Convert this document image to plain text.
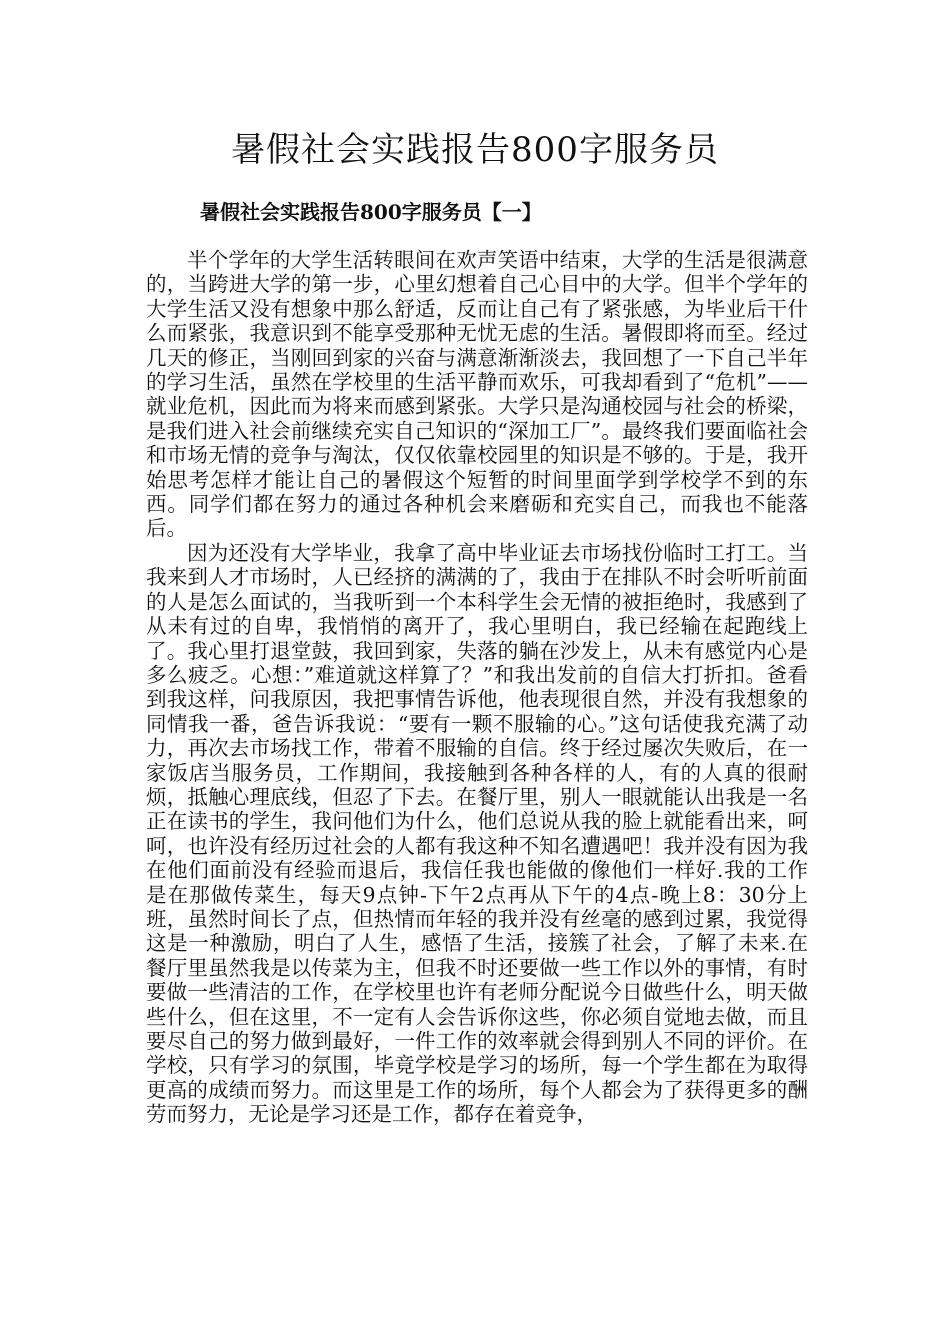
暑假社会实践报告800字服务员
暑假社会实践报告800字服务员【一】

半个学年的大学生活转眼间在欢声笑语中结束，大学的生活是很满意的，当跨进大学的第一步，心里幻想着自己心目中的大学。但半个学年的大学生活又没有想象中那么舒适，反而让自己有了紧张感，为毕业后干什么而紧张，我意识到不能享受那种无忧无虑的生活。暑假即将而至。经过几天的修正，当刚回到家的兴奋与满意渐渐淡去，我回想了一下自己半年的学习生活，虽然在学校里的生活平静而欢乐，可我却看到了“危机”——就业危机，因此而为将来而感到紧张。大学只是沟通校园与社会的桥梁，是我们进入社会前继续充实自己知识的“深加工厂”。最终我们要面临社会和市场无情的竞争与淘汰，仅仅依靠校园里的知识是不够的。于是，我开始思考怎样才能让自己的暑假这个短暂的时间里面学到学校学不到的东西。同学们都在努力的通过各种机会来磨砺和充实自己，而我也不能落后。

因为还没有大学毕业，我拿了高中毕业证去市场找份临时工打工。当我来到人才市场时，人已经挤的满满的了，我由于在排队不时会听听前面的人是怎么面试的，当我听到一个本科学生会无情的被拒绝时，我感到了从未有过的自卑，我悄悄的离开了，我心里明白，我已经输在起跑线上了。我心里打退堂鼓，我回到家，失落的躺在沙发上，从未有感觉内心是多么疲乏。心想：”难道就这样算了？”和我出发前的自信大打折扣。爸看到我这样，问我原因，我把事情告诉他，他表现很自然，并没有我想象的同情我一番，爸告诉我说：“要有一颗不服输的心。”这句话使我充满了动力，再次去市场找工作，带着不服输的自信。终于经过屡次失败后，在一家饭店当服务员，工作期间，我接触到各种各样的人，有的人真的很耐烦，抵触心理底线，但忍了下去。在餐厅里，别人一眼就能认出我是一名正在读书的学生，我问他们为什么，他们总说从我的脸上就能看出来，呵呵，也许没有经历过社会的人都有我这种不知名遭遇吧！我并没有因为我在他们面前没有经验而退后，我信任我也能做的像他们一样好.我的工作是在那做传菜生，每天9点钟-下午2点再从下午的4点-晚上8：30分上班，虽然时间长了点，但热情而年轻的我并没有丝毫的感到过累，我觉得这是一种激励，明白了人生，感悟了生活，接簇了社会，了解了未来.在餐厅里虽然我是以传菜为主，但我不时还要做一些工作以外的事情，有时要做一些清洁的工作，在学校里也许有老师分配说今日做些什么，明天做些什么，但在这里，不一定有人会告诉你这些，你必须自觉地去做，而且要尽自己的努力做到最好，一件工作的效率就会得到别人不同的评价。在学校，只有学习的氛围，毕竟学校是学习的场所，每一个学生都在为取得更高的成绩而努力。而这里是工作的场所，每个人都会为了获得更多的酬劳而努力，无论是学习还是工作，都存在着竞争，
